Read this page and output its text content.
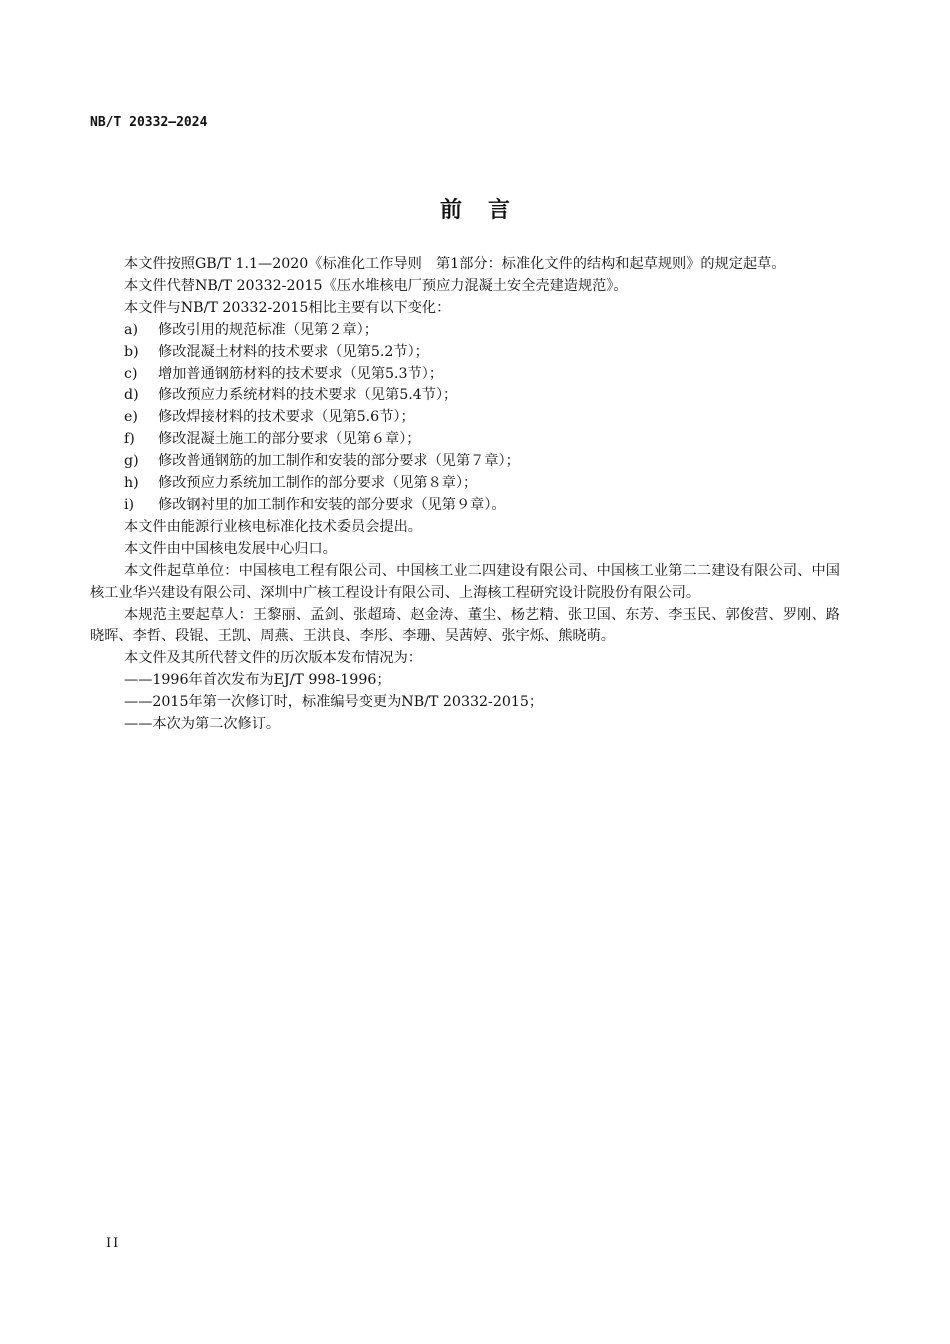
NB/T 20332—2024
前言

本文件按照GB/T 1.1—2020《标准化工作导则　第1部分：标准化文件的结构和起草规则》的规定起草。

本文件代替NB/T 20332-2015《压水堆核电厂预应力混凝土安全壳建造规范》。

本文件与NB/T 20332-2015相比主要有以下变化：

a)	修改引用的规范标准（见第２章）；
b)	修改混凝土材料的技术要求（见第5.2节）；
c)	增加普通钢筋材料的技术要求（见第5.3节）；
d)	修改预应力系统材料的技术要求（见第5.4节）；
e)	修改焊接材料的技术要求（见第5.6节）；
f)	修改混凝土施工的部分要求（见第６章）；
g)	修改普通钢筋的加工制作和安装的部分要求（见第７章）；
h)	修改预应力系统加工制作的部分要求（见第８章）；
i)	修改钢衬里的加工制作和安装的部分要求（见第９章）。

本文件由能源行业核电标准化技术委员会提出。

本文件由中国核电发展中心归口。

本文件起草单位：中国核电工程有限公司、中国核工业二四建设有限公司、中国核工业第二二建设有限公司、中国核工业华兴建设有限公司、深圳中广核工程设计有限公司、上海核工程研究设计院股份有限公司。

本规范主要起草人：王黎丽、孟剑、张超琦、赵金涛、董尘、杨艺精、张卫国、东芳、李玉民、郭俊营、罗刚、路晓晖、李哲、段锟、王凯、周燕、王洪良、李彤、李珊、吴茜婷、张宇烁、熊晓萌。

本文件及其所代替文件的历次版本发布情况为：

——1996年首次发布为EJ/T 998-1996；

——2015年第一次修订时，标准编号变更为NB/T 20332-2015；

——本次为第二次修订。

II
